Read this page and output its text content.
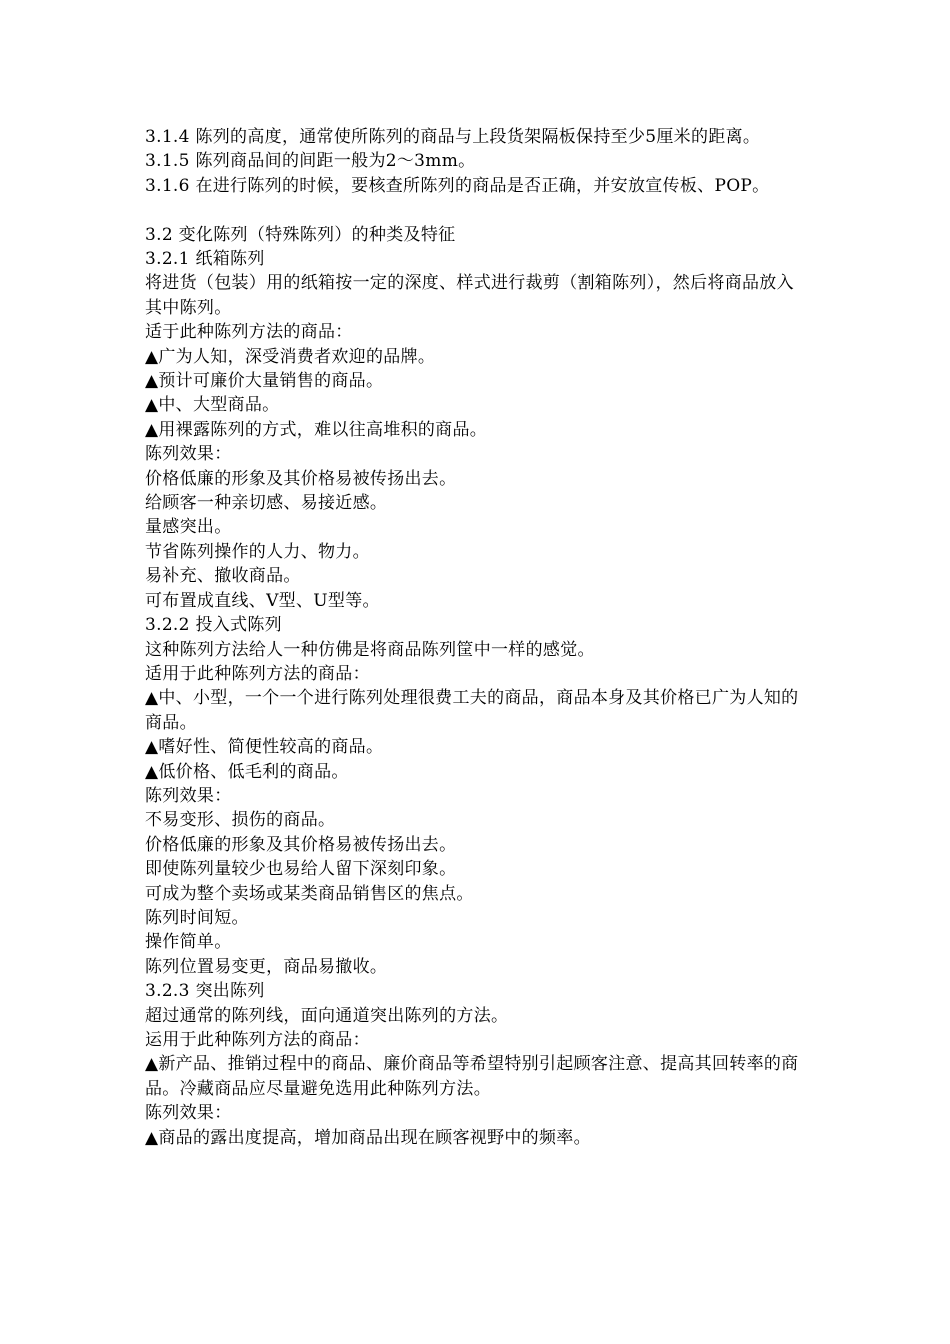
3.1.4 陈列的高度，通常使所陈列的商品与上段货架隔板保持至少5厘米的距离。

3.1.5 陈列商品间的间距一般为2～3mm。

3.1.6 在进行陈列的时候，要核查所陈列的商品是否正确，并安放宣传板、POP。

3.2 变化陈列（特殊陈列）的种类及特征

3.2.1 纸箱陈列

将进货（包装）用的纸箱按一定的深度、样式进行裁剪（割箱陈列），然后将商品放入其中陈列。

适于此种陈列方法的商品：

▲广为人知，深受消费者欢迎的品牌。

▲预计可廉价大量销售的商品。

▲中、大型商品。

▲用裸露陈列的方式，难以往高堆积的商品。

陈列效果：

价格低廉的形象及其价格易被传扬出去。

给顾客一种亲切感、易接近感。

量感突出。

节省陈列操作的人力、物力。

易补充、撤收商品。

可布置成直线、V型、U型等。

3.2.2 投入式陈列

这种陈列方法给人一种仿佛是将商品陈列筐中一样的感觉。

适用于此种陈列方法的商品：

▲中、小型，一个一个进行陈列处理很费工夫的商品，商品本身及其价格已广为人知的商品。

▲嗜好性、简便性较高的商品。

▲低价格、低毛利的商品。

陈列效果：

不易变形、损伤的商品。

价格低廉的形象及其价格易被传扬出去。

即使陈列量较少也易给人留下深刻印象。

可成为整个卖场或某类商品销售区的焦点。

陈列时间短。

操作简单。

陈列位置易变更，商品易撤收。

3.2.3 突出陈列

超过通常的陈列线，面向通道突出陈列的方法。

运用于此种陈列方法的商品：

▲新产品、推销过程中的商品、廉价商品等希望特别引起顾客注意、提高其回转率的商品。冷藏商品应尽量避免选用此种陈列方法。

陈列效果：

▲商品的露出度提高，增加商品出现在顾客视野中的频率。
